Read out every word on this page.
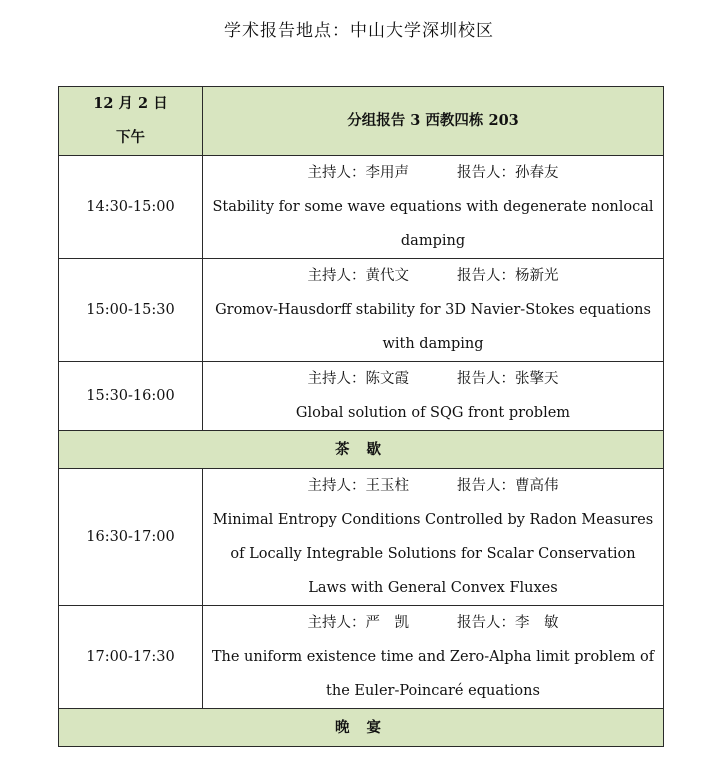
学术报告地点：中山大学深圳校区
12 月 2 日
下午	分组报告 3 西教四栋 203
14:30-15:00	主持人：李用声 报告人：孙春友
Stability for some wave equations with degenerate nonlocal damping

15:00-15:30	主持人：黄代文 报告人：杨新光
Gromov-Hausdorff stability for 3D Navier-Stokes equations with damping

15:30-16:00	主持人：陈文霞 报告人：张擎天
Global solution of SQG front problem

茶 歇	
16:30-17:00	主持人：王玉柱 报告人：曹高伟
Minimal Entropy Conditions Controlled by Radon Measures of Locally Integrable Solutions for Scalar Conservation Laws with General Convex Fluxes

17:00-17:30	主持人：严　凯 报告人：李　敏
The uniform existence time and Zero-Alpha limit problem of the Euler-Poincaré equations

晚 宴	
